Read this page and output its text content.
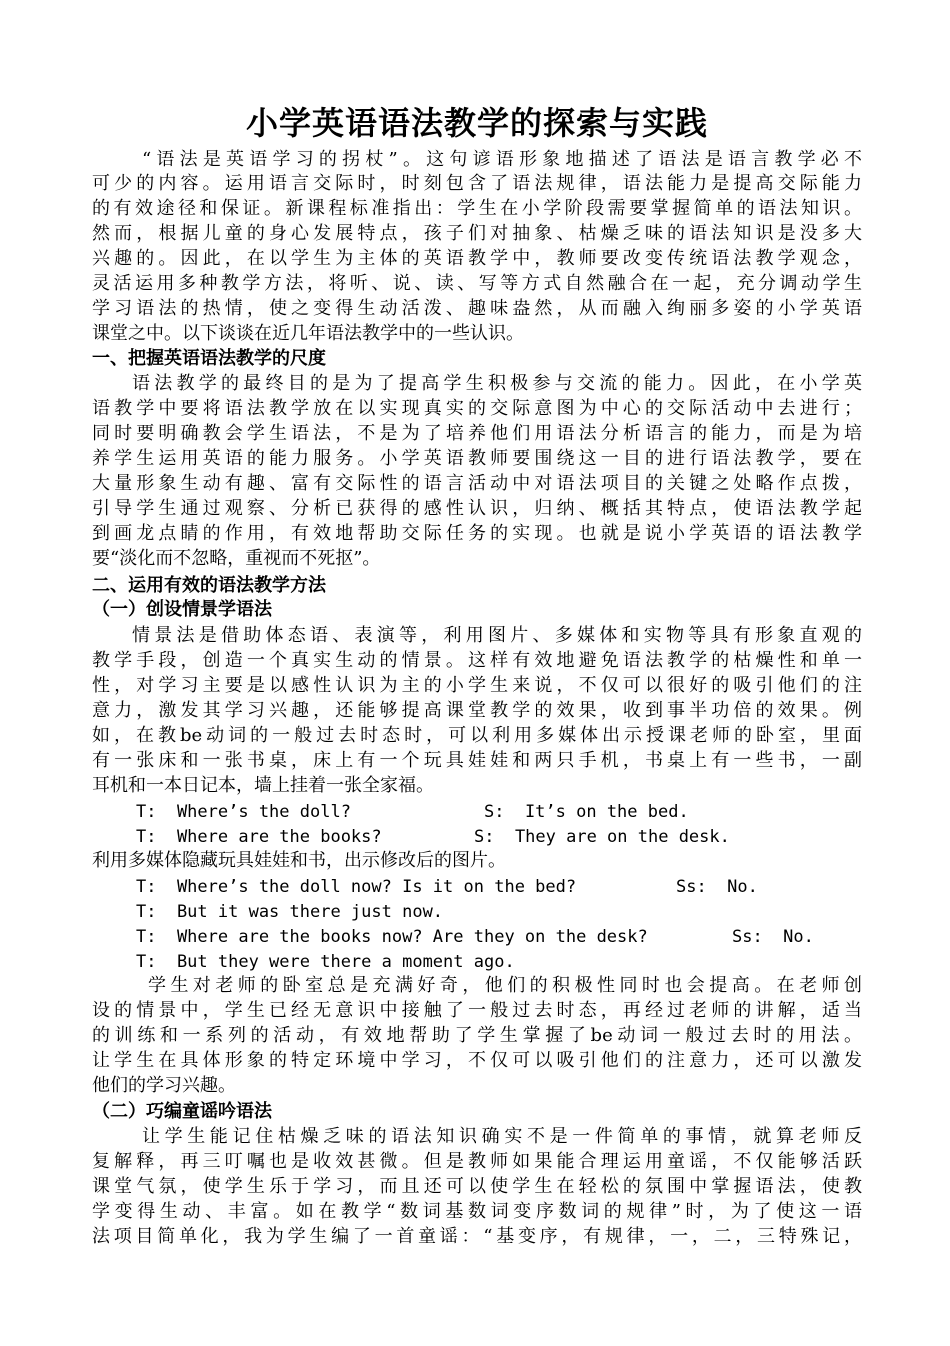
小学英语语法教学的探索与实践
“语法是英语学习的拐杖”。这句谚语形象地描述了语法是语言教学必不
可少的内容。运用语言交际时，时刻包含了语法规律，语法能力是提高交际能力
的有效途径和保证。新课程标准指出：学生在小学阶段需要掌握简单的语法知识。
然而，根据儿童的身心发展特点，孩子们对抽象、枯燥乏味的语法知识是没多大
兴趣的。因此，在以学生为主体的英语教学中，教师要改变传统语法教学观念，
灵活运用多种教学方法，将听、说、读、写等方式自然融合在一起，充分调动学生
学习语法的热情，使之变得生动活泼、趣味盎然，从而融入绚丽多姿的小学英语
课堂之中。以下谈谈在近几年语法教学中的一些认识。
一、把握英语语法教学的尺度
语法教学的最终目的是为了提高学生积极参与交流的能力。因此，在小学英
语教学中要将语法教学放在以实现真实的交际意图为中心的交际活动中去进行；
同时要明确教会学生语法，不是为了培养他们用语法分析语言的能力，而是为培
养学生运用英语的能力服务。小学英语教师要围绕这一目的进行语法教学，要在
大量形象生动有趣、富有交际性的语言活动中对语法项目的关键之处略作点拨，
引导学生通过观察、分析已获得的感性认识，归纳、概括其特点，使语法教学起
到画龙点睛的作用，有效地帮助交际任务的实现。也就是说小学英语的语法教学
要“淡化而不忽略，重视而不死抠”。
二、运用有效的语法教学方法
（一）创设情景学语法
情景法是借助体态语、表演等，利用图片、多媒体和实物等具有形象直观的
教学手段，创造一个真实生动的情景。这样有效地避免语法教学的枯燥性和单一
性，对学习主要是以感性认识为主的小学生来说，不仅可以很好的吸引他们的注
意力，激发其学习兴趣，还能够提高课堂教学的效果，收到事半功倍的效果。例
如，在教be动词的一般过去时态时，可以利用多媒体出示授课老师的卧室，里面
有一张床和一张书桌，床上有一个玩具娃娃和两只手机，书桌上有一些书，一副
耳机和一本日记本，墙上挂着一张全家福。
T:  Where’s the doll?	S:  It’s on the bed.
T:  Where are the books?	S:  They are on the desk.
利用多媒体隐藏玩具娃娃和书，出示修改后的图片。
T:  Where’s the doll now? Is it on the bed?	Ss:  No.
T:  But it was there just now.
T:  Where are the books now? Are they on the desk?	Ss:  No.
T:  But they were there a moment ago.
学生对老师的卧室总是充满好奇，他们的积极性同时也会提高。在老师创
设的情景中，学生已经无意识中接触了一般过去时态，再经过老师的讲解，适当
的训练和一系列的活动，有效地帮助了学生掌握了be动词一般过去时的用法。
让学生在具体形象的特定环境中学习，不仅可以吸引他们的注意力，还可以激发
他们的学习兴趣。
（二）巧编童谣吟语法
让学生能记住枯燥乏味的语法知识确实不是一件简单的事情，就算老师反
复解释，再三叮嘱也是收效甚微。但是教师如果能合理运用童谣，不仅能够活跃
课堂气氛，使学生乐于学习，而且还可以使学生在轻松的氛围中掌握语法，使教
学变得生动、丰富。如在教学“数词基数词变序数词的规律”时，为了使这一语
法项目简单化，我为学生编了一首童谣：“基变序，有规律，一，二，三特殊记，
